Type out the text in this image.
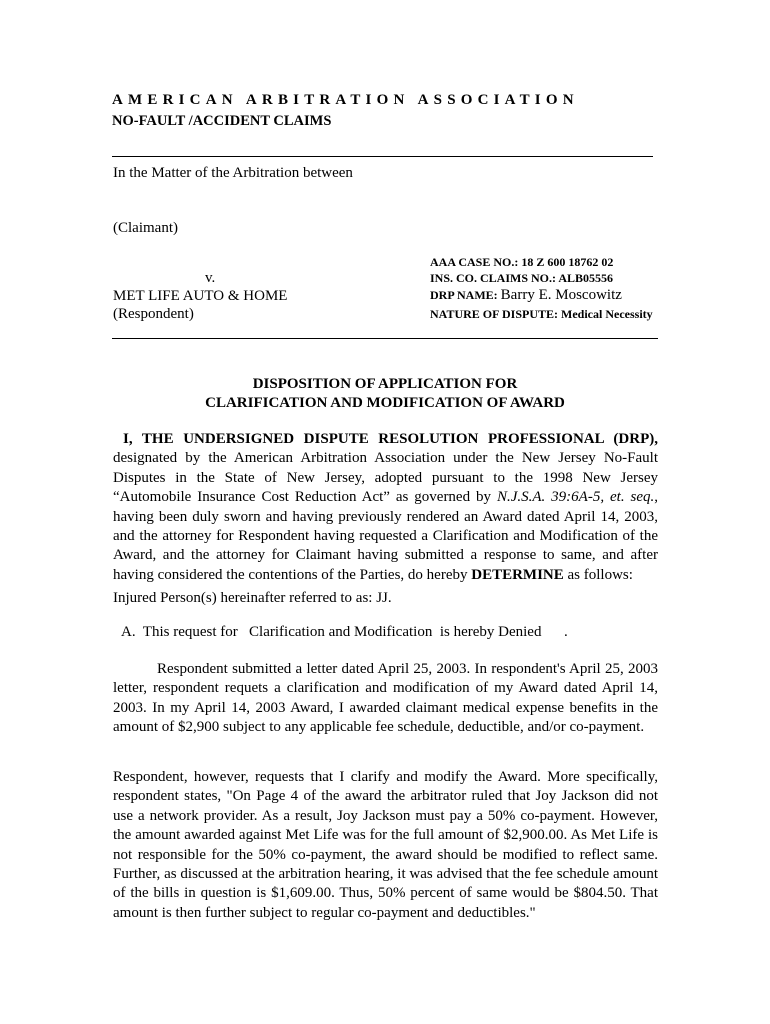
AMERICAN ARBITRATION ASSOCIATION
NO-FAULT /ACCIDENT CLAIMS
In the Matter of the Arbitration between
(Claimant)
v.
MET LIFE AUTO & HOME
(Respondent)
AAA CASE NO.: 18 Z 600 18762 02
INS. CO. CLAIMS NO.: ALB05556
DRP NAME: Barry E. Moscowitz
NATURE OF DISPUTE: Medical Necessity
DISPOSITION OF APPLICATION FOR
CLARIFICATION AND MODIFICATION OF AWARD
I, THE UNDERSIGNED DISPUTE RESOLUTION PROFESSIONAL (DRP), designated by the American Arbitration Association under the New Jersey No-Fault Disputes in the State of New Jersey, adopted pursuant to the 1998 New Jersey “Automobile Insurance Cost Reduction Act” as governed by N.J.S.A. 39:6A-5, et. seq., having been duly sworn and having previously rendered an Award dated April 14, 2003, and the attorney for Respondent having requested a Clarification and Modification of the Award, and the attorney for Claimant having submitted a response to same, and after having considered the contentions of the Parties, do hereby DETERMINE as follows:
Injured Person(s) hereinafter referred to as: JJ.
A.  This request for   Clarification and Modification  is hereby Denied      .
Respondent submitted a letter dated April 25, 2003. In respondent's April 25, 2003 letter, respondent requets a clarification and modification of my Award dated April 14, 2003. In my April 14, 2003 Award, I awarded claimant medical expense benefits in the amount of $2,900 subject to any applicable fee schedule, deductible, and/or co-payment.
Respondent, however, requests that I clarify and modify the Award. More specifically, respondent states, "On Page 4 of the award the arbitrator ruled that Joy Jackson did not use a network provider. As a result, Joy Jackson must pay a 50% co-payment. However, the amount awarded against Met Life was for the full amount of $2,900.00. As Met Life is not responsible for the 50% co-payment, the award should be modified to reflect same. Further, as discussed at the arbitration hearing, it was advised that the fee schedule amount of the bills in question is $1,609.00. Thus, 50% percent of same would be $804.50. That amount is then further subject to regular co-payment and deductibles."
